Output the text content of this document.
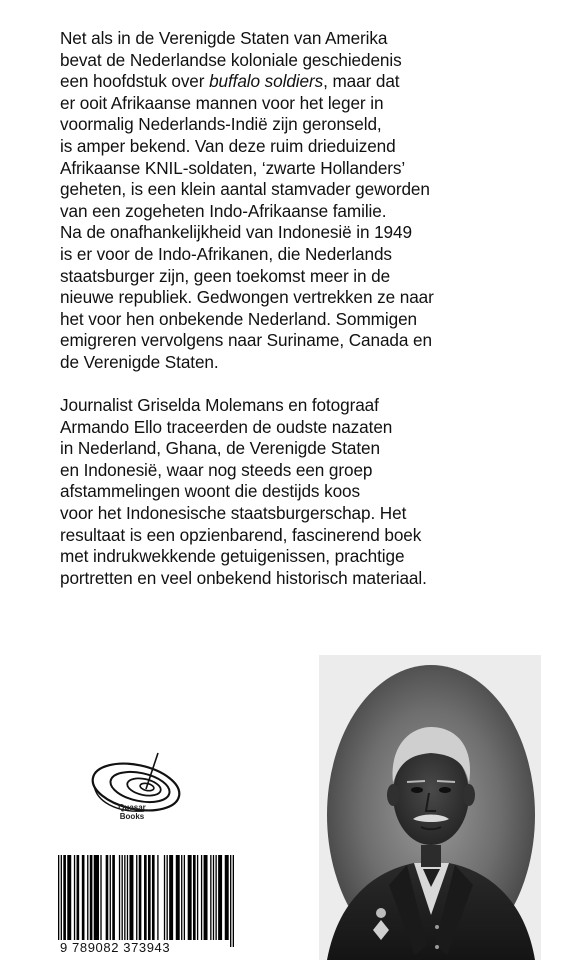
Net als in de Verenigde Staten van Amerika
bevat de Nederlandse koloniale geschiedenis
een hoofdstuk over buffalo soldiers, maar dat
er ooit Afrikaanse mannen voor het leger in
voormalig Nederlands-Indië zijn geronseld,
is amper bekend. Van deze ruim drieduizend
Afrikaanse KNIL-soldaten, ‘zwarte Hollanders’
geheten, is een klein aantal stamvader geworden
van een zogeheten Indo-Afrikaanse familie.
Na de onafhankelijkheid van Indonesië in 1949
is er voor de Indo-Afrikanen, die Nederlands
staatsburger zijn, geen toekomst meer in de
nieuwe republiek. Gedwongen vertrekken ze naar
het voor hen onbekende Nederland. Sommigen
emigreren vervolgens naar Suriname, Canada en
de Verenigde Staten.

Journalist Griselda Molemans en fotograaf
Armando Ello traceerden de oudste nazaten
in Nederland, Ghana, de Verenigde Staten
en Indonesië, waar nog steeds een groep
afstammelingen woont die destijds koos
voor het Indonesische staatsburgerschap. Het
resultaat is een opzienbarend, fascinerend boek
met indrukwekkende getuigenissen, prachtige
portretten en veel onbekend historisch materiaal.

Quasar
Books
9 789082 373943
